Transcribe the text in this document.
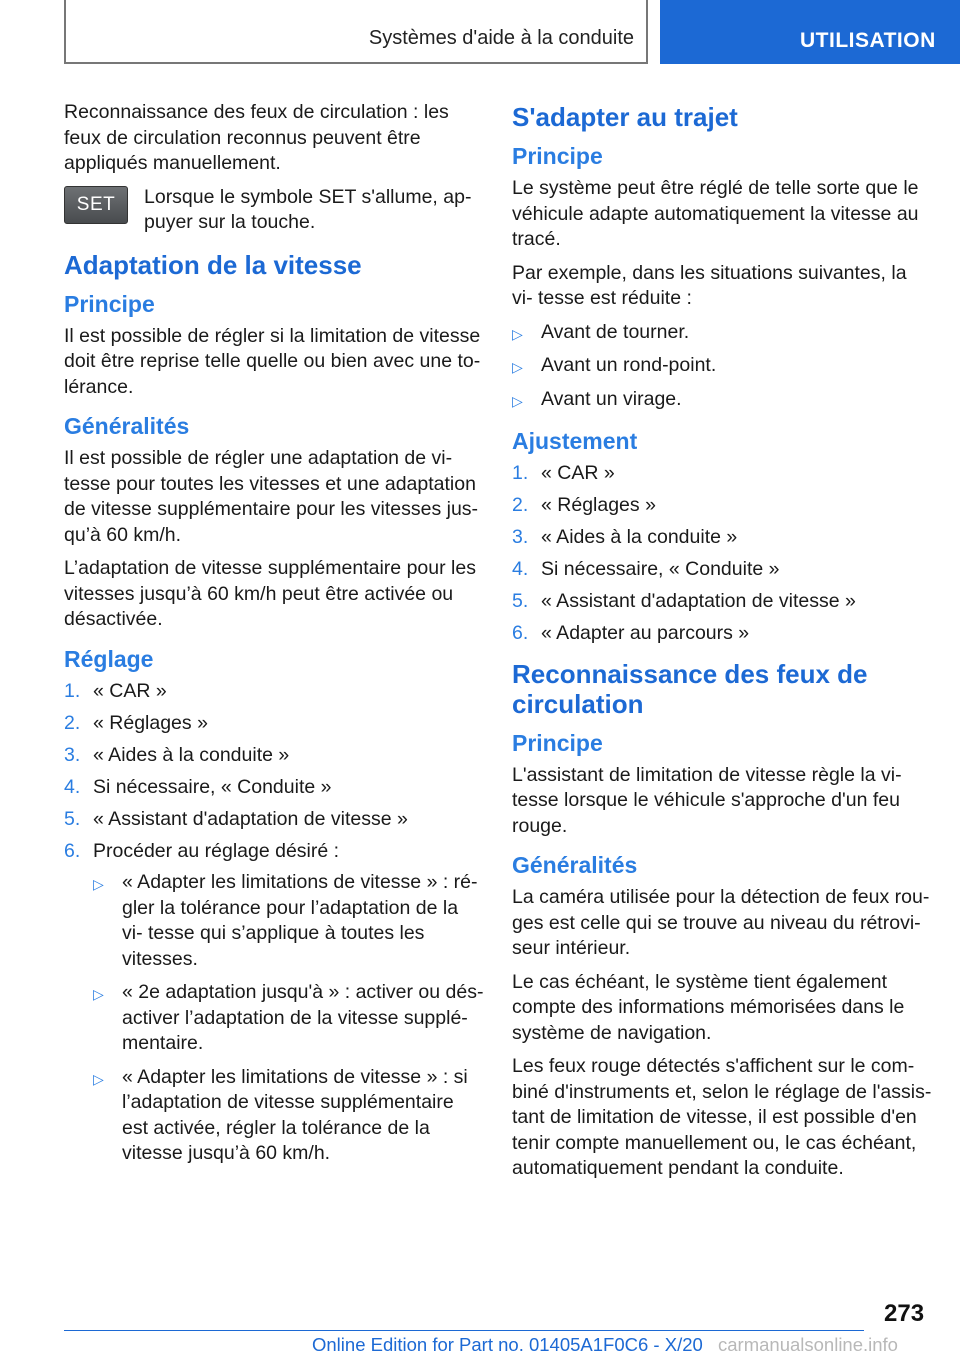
Systèmes d'aide à la conduite	UTILISATION

Reconnaissance des feux de circulation : les feux de circulation reconnus peuvent être appliqués manuellement.

SET	Lorsque le symbole SET s'allume, ap‐ puyer sur la touche.

Adaptation de la vitesse
Principe

Il est possible de régler si la limitation de vitesse doit être reprise telle quelle ou bien avec une to‐ lérance.

Généralités

Il est possible de régler une adaptation de vi‐ tesse pour toutes les vitesses et une adaptation de vitesse supplémentaire pour les vitesses jus‐ qu’à 60 km/h.

L’adaptation de vitesse supplémentaire pour les vitesses jusqu’à 60 km/h peut être activée ou désactivée.

Réglage
1. « CAR »
2. « Réglages »
3. « Aides à la conduite »
4. Si nécessaire, « Conduite »
5. « Assistant d'adaptation de vitesse »
6. Procéder au réglage désiré :
▷ « Adapter les limitations de vitesse » : ré‐ gler la tolérance pour l’adaptation de la vi‐ tesse qui s’applique à toutes les vitesses.
▷ « 2e adaptation jusqu'à » : activer ou dés‐ activer l’adaptation de la vitesse supplé‐ mentaire.
▷ « Adapter les limitations de vitesse » : si l’adaptation de vitesse supplémentaire est activée, régler la tolérance de la vitesse jusqu’à 60 km/h.
S'adapter au trajet
Principe

Le système peut être réglé de telle sorte que le véhicule adapte automatiquement la vitesse au tracé.

Par exemple, dans les situations suivantes, la vi‐ tesse est réduite :

▷ Avant de tourner.
▷ Avant un rond-point.
▷ Avant un virage.
Ajustement
1. « CAR »
2. « Réglages »
3. « Aides à la conduite »
4. Si nécessaire, « Conduite »
5. « Assistant d'adaptation de vitesse »
6. « Adapter au parcours »
Reconnaissance des feux de circulation
Principe

L'assistant de limitation de vitesse règle la vi‐ tesse lorsque le véhicule s'approche d'un feu rouge.

Généralités

La caméra utilisée pour la détection de feux rou‐ ges est celle qui se trouve au niveau du rétrovi‐ seur intérieur.

Le cas échéant, le système tient également compte des informations mémorisées dans le système de navigation.

Les feux rouge détectés s'affichent sur le com‐ biné d'instruments et, selon le réglage de l'assis‐ tant de limitation de vitesse, il est possible d'en tenir compte manuellement ou, le cas échéant, automatiquement pendant la conduite.

273
Online Edition for Part no. 01405A1F0C6 - X/20 carmanualsonline.info
